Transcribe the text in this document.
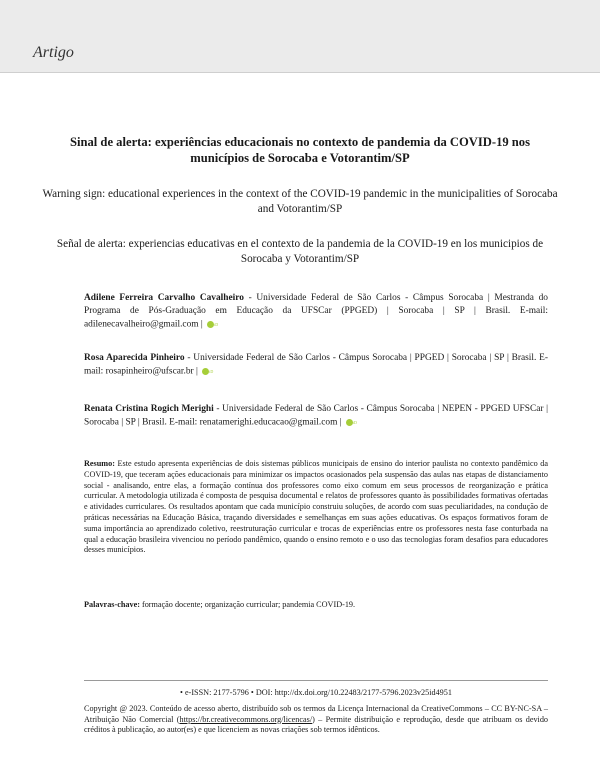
Artigo
Sinal de alerta: experiências educacionais no contexto de pandemia da COVID-19 nos municípios de Sorocaba e Votorantim/SP
Warning sign: educational experiences in the context of the COVID-19 pandemic in the municipalities of Sorocaba and Votorantim/SP
Señal de alerta: experiencias educativas en el contexto de la pandemia de la COVID-19 en los municipios de Sorocaba y Votorantim/SP
Adilene Ferreira Carvalho Cavalheiro - Universidade Federal de São Carlos - Câmpus Sorocaba | Mestranda do Programa de Pós-Graduação em Educação da UFSCar (PPGED) | Sorocaba | SP | Brasil. E-mail: adilenecavalheiro@gmail.com | iD
Rosa Aparecida Pinheiro - Universidade Federal de São Carlos - Câmpus Sorocaba | PPGED | Sorocaba | SP | Brasil. E-mail: rosapinheiro@ufscar.br | iD
Renata Cristina Rogich Merighi - Universidade Federal de São Carlos - Câmpus Sorocaba | NEPEN - PPGED UFSCar | Sorocaba | SP | Brasil. E-mail: renatamerighi.educacao@gmail.com | iD
Resumo: Este estudo apresenta experiências de dois sistemas públicos municipais de ensino do interior paulista no contexto pandêmico da COVID-19, que teceram ações educacionais para minimizar os impactos ocasionados pela suspensão das aulas nas etapas de distanciamento social - analisando, entre elas, a formação contínua dos professores como eixo comum em seus processos de reorganização e prática curricular. A metodologia utilizada é composta de pesquisa documental e relatos de professores quanto às possibilidades formativas ofertadas e atividades curriculares. Os resultados apontam que cada município construiu soluções, de acordo com suas peculiaridades, na condução de práticas necessárias na Educação Básica, traçando diversidades e semelhanças em suas ações educativas. Os espaços formativos foram de suma importância ao aprendizado coletivo, reestruturação curricular e trocas de experiências entre os professores nesta fase conturbada na qual a educação brasileira vivenciou no período pandêmico, quando o ensino remoto e o uso das tecnologias foram desafios para educadores desses municípios.
Palavras-chave: formação docente; organização curricular; pandemia COVID-19.
• e-ISSN: 2177-5796 • DOI: http://dx.doi.org/10.22483/2177-5796.2023v25id4951
Copyright @ 2023. Conteúdo de acesso aberto, distribuído sob os termos da Licença Internacional da CreativeCommons – CC BY-NC-SA – Atribuição Não Comercial (https://br.creativecommons.org/licencas/) – Permite distribuição e reprodução, desde que atribuam os devido créditos à publicação, ao autor(es) e que licenciem as novas criações sob termos idênticos.
